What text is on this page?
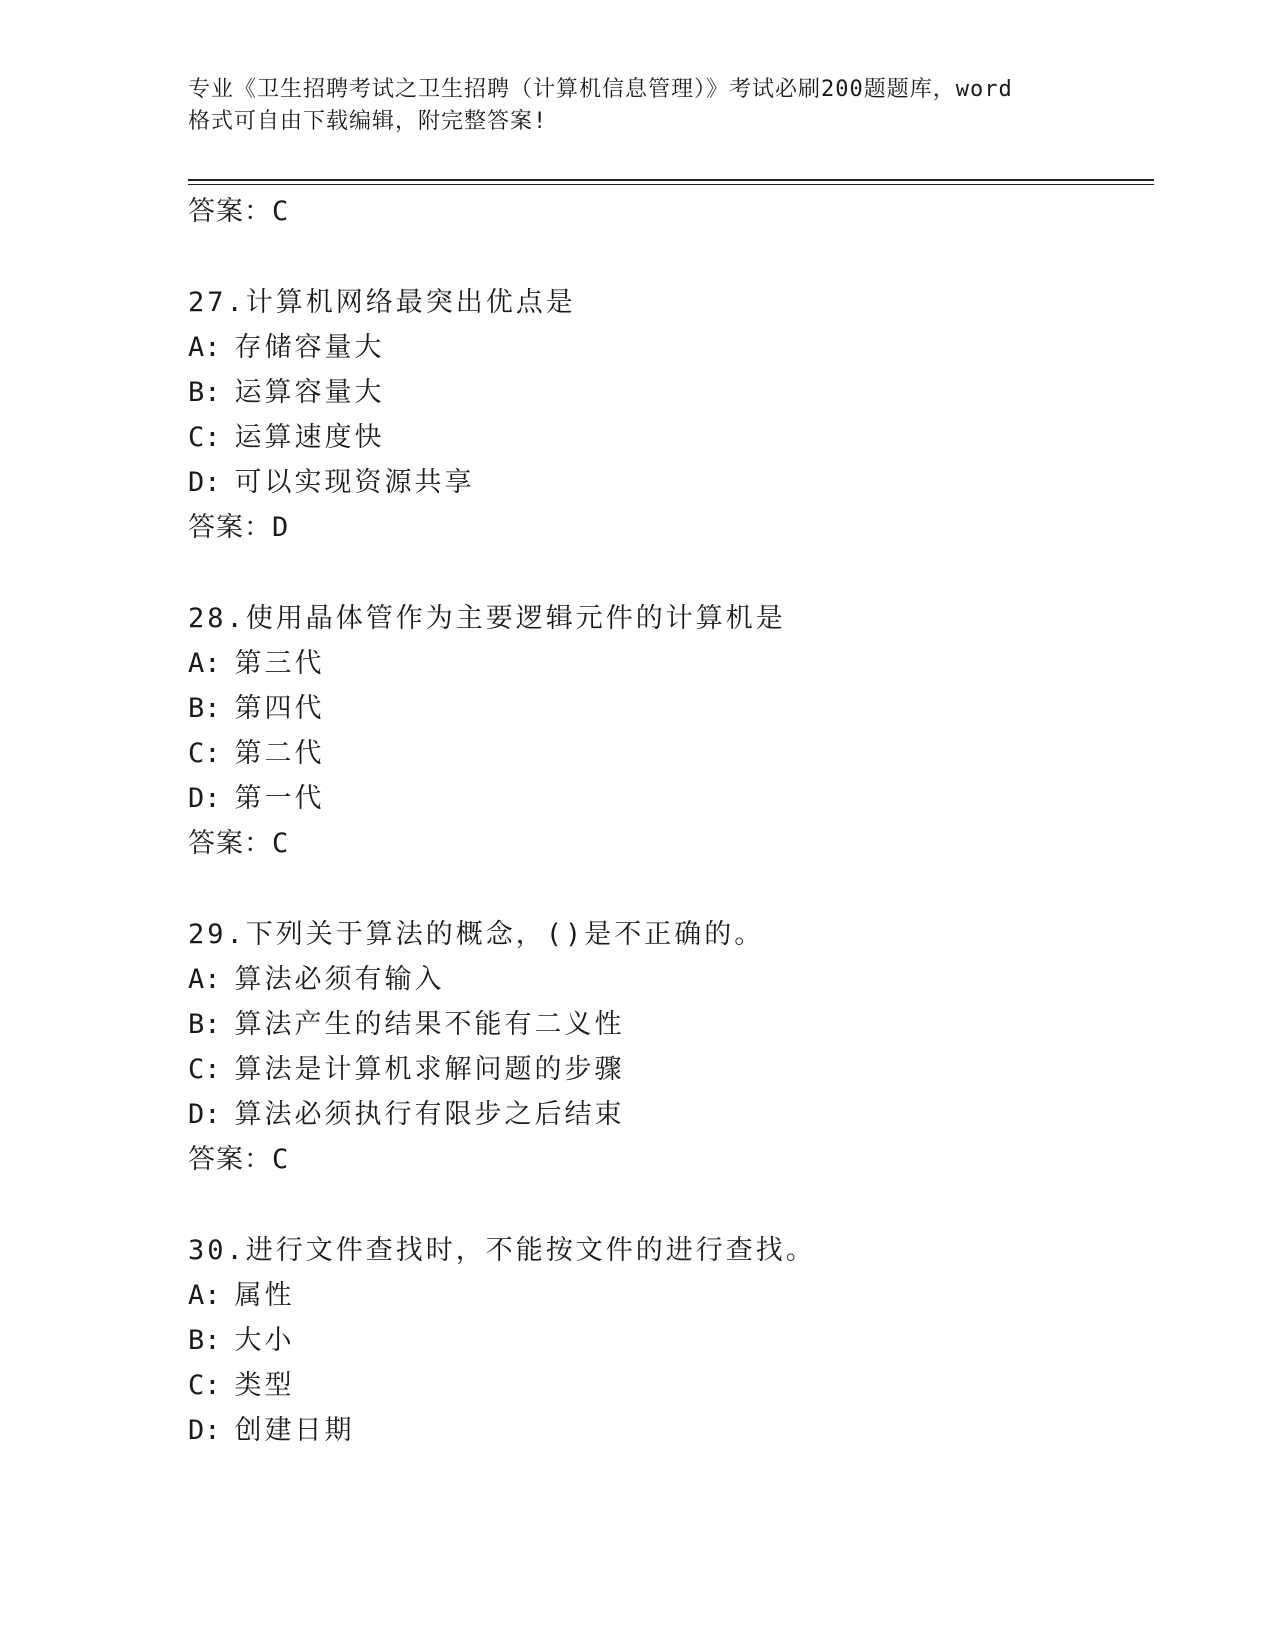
专业《卫生招聘考试之卫生招聘（计算机信息管理）》考试必刷200题题库，word
格式可自由下载编辑，附完整答案!
答案：C
27.计算机网络最突出优点是
A: 存储容量大
B: 运算容量大
C: 运算速度快
D: 可以实现资源共享
答案：D
28.使用晶体管作为主要逻辑元件的计算机是
A: 第三代
B: 第四代
C: 第二代
D: 第一代
答案：C
29.下列关于算法的概念，()是不正确的。
A: 算法必须有输入
B: 算法产生的结果不能有二义性
C: 算法是计算机求解问题的步骤
D: 算法必须执行有限步之后结束
答案：C
30.进行文件查找时，不能按文件的进行查找。
A: 属性
B: 大小
C: 类型
D: 创建日期
